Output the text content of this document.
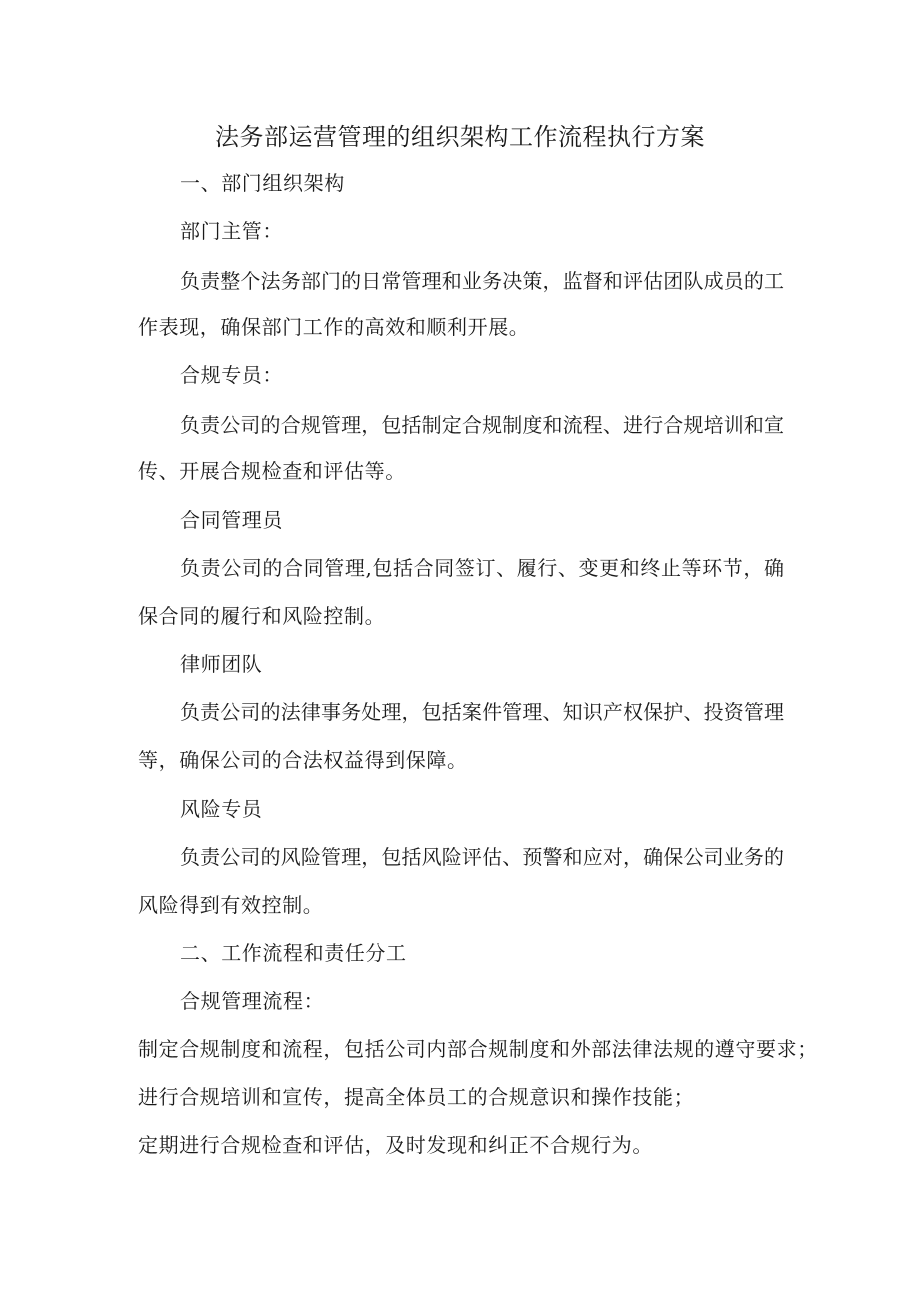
法务部运营管理的组织架构工作流程执行方案
一、部门组织架构
部门主管：
负责整个法务部门的日常管理和业务决策，监督和评估团队成员的工
作表现，确保部门工作的高效和顺利开展。
合规专员：
负责公司的合规管理，包括制定合规制度和流程、进行合规培训和宣
传、开展合规检查和评估等。
合同管理员
负责公司的合同管理,包括合同签订、履行、变更和终止等环节，确
保合同的履行和风险控制。
律师团队
负责公司的法律事务处理，包括案件管理、知识产权保护、投资管理
等，确保公司的合法权益得到保障。
风险专员
负责公司的风险管理，包括风险评估、预警和应对，确保公司业务的
风险得到有效控制。
二、工作流程和责任分工
合规管理流程：
制定合规制度和流程，包括公司内部合规制度和外部法律法规的遵守要求；
进行合规培训和宣传，提高全体员工的合规意识和操作技能；
定期进行合规检查和评估，及时发现和纠正不合规行为。
